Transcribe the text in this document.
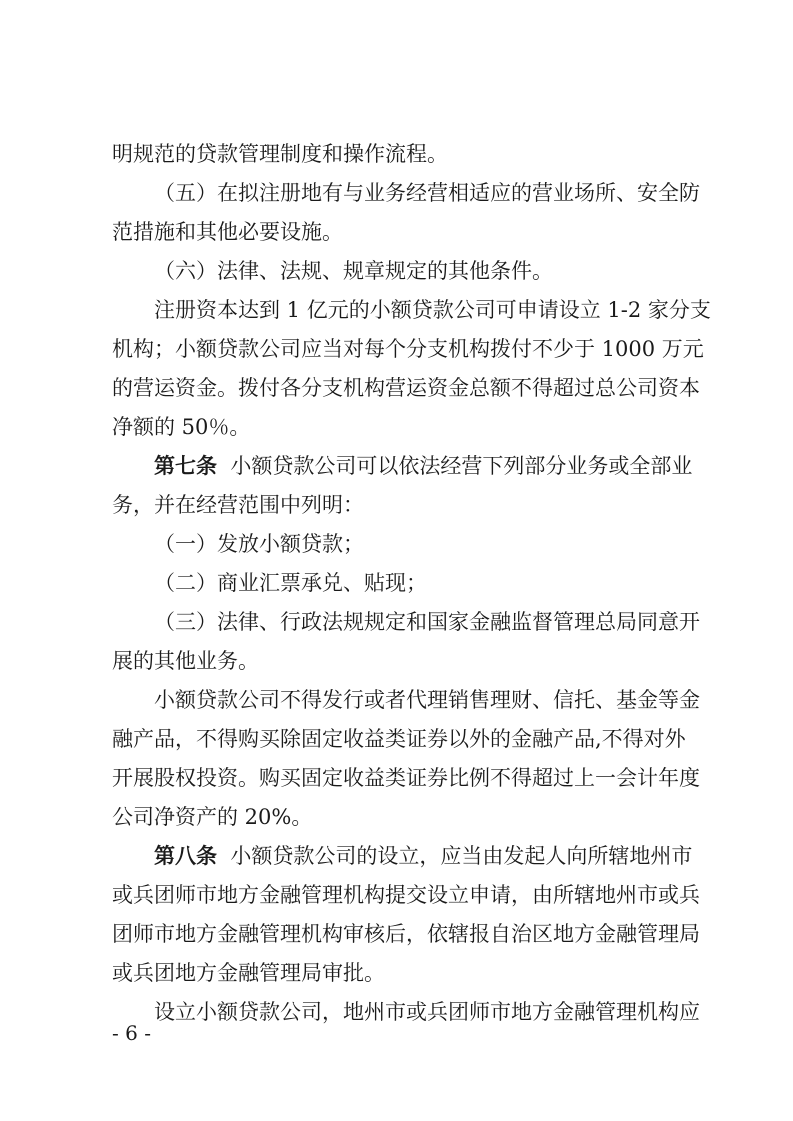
明规范的贷款管理制度和操作流程。
（五）在拟注册地有与业务经营相适应的营业场所、安全防
范措施和其他必要设施。
（六）法律、法规、规章规定的其他条件。
注册资本达到 1 亿元的小额贷款公司可申请设立 1-2 家分支
机构；小额贷款公司应当对每个分支机构拨付不少于 1000 万元
的营运资金。拨付各分支机构营运资金总额不得超过总公司资本
净额的 50％。
第七条  小额贷款公司可以依法经营下列部分业务或全部业
务，并在经营范围中列明：
（一）发放小额贷款；
（二）商业汇票承兑、贴现；
（三）法律、行政法规规定和国家金融监督管理总局同意开
展的其他业务。
小额贷款公司不得发行或者代理销售理财、信托、基金等金
融产品，不得购买除固定收益类证券以外的金融产品,不得对外
开展股权投资。购买固定收益类证券比例不得超过上一会计年度
公司净资产的 20%。
第八条  小额贷款公司的设立，应当由发起人向所辖地州市
或兵团师市地方金融管理机构提交设立申请，由所辖地州市或兵
团师市地方金融管理机构审核后，依辖报自治区地方金融管理局
或兵团地方金融管理局审批。
设立小额贷款公司，地州市或兵团师市地方金融管理机构应
- 6 -
